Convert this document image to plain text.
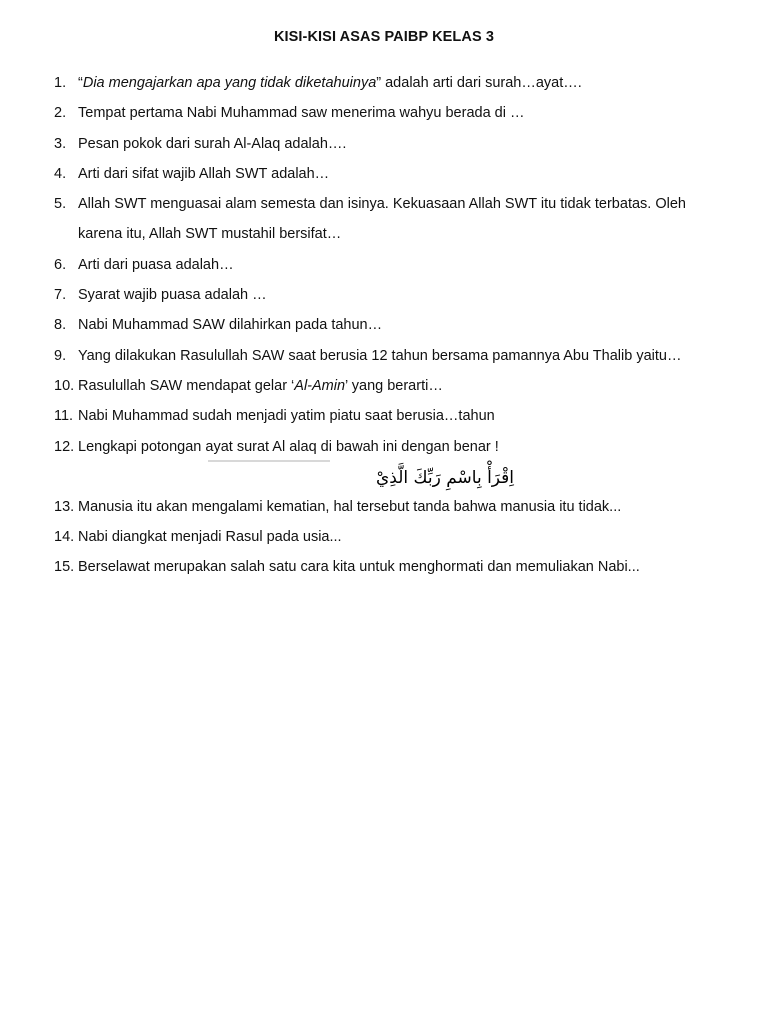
KISI-KISI ASAS PAIBP KELAS 3
1. “Dia mengajarkan apa yang tidak diketahuinya” adalah arti dari surah…ayat….
2. Tempat pertama Nabi Muhammad saw menerima wahyu berada di …
3. Pesan pokok dari surah Al-Alaq adalah….
4. Arti dari sifat wajib Allah SWT adalah…
5. Allah SWT menguasai alam semesta dan isinya. Kekuasaan Allah SWT itu tidak terbatas. Oleh karena itu, Allah SWT mustahil bersifat…
6. Arti dari puasa adalah…
7. Syarat wajib puasa adalah …
8. Nabi Muhammad SAW dilahirkan pada tahun…
9. Yang dilakukan Rasulullah SAW saat berusia 12 tahun bersama pamannya Abu Thalib yaitu…
10. Rasulullah SAW mendapat gelar ‘Al-Amin’ yang berarti…
11. Nabi Muhammad sudah menjadi yatim piatu saat berusia…tahun
12. Lengkapi potongan ayat surat Al alaq di bawah ini dengan benar !
اِقْرَأْ بِاسْمِ رَبِّكَ الَّذِيْ
13. Manusia itu akan mengalami kematian, hal tersebut tanda bahwa manusia itu tidak...
14. Nabi diangkat menjadi Rasul pada usia...
15. Berselawat merupakan salah satu cara kita untuk menghormati dan memuliakan Nabi...
